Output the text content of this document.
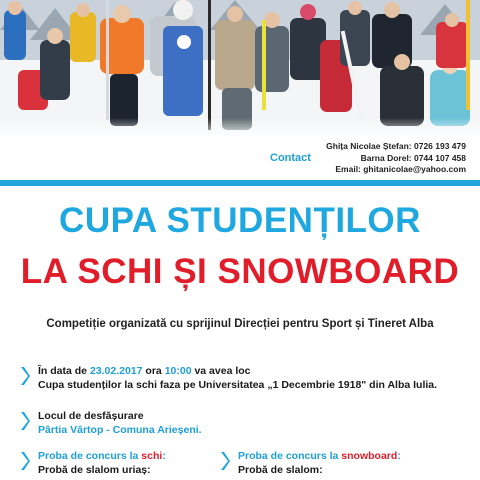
Contact
Ghița Nicolae Ștefan: 0726 193 479
Barna Dorel: 0744 107 458
Email: ghitanicolae@yahoo.com
CUPA STUDENȚILOR
LA SCHI ȘI SNOWBOARD
Competiție organizată cu sprijinul Direcției pentru Sport și Tineret Alba
În data de 23.02.2017 ora 10:00 va avea loc
Cupa studenților la schi faza pe Universitatea „1 Decembrie 1918" din Alba Iulia.
Locul de desfășurare
Pârtia Vârtop - Comuna Arieșeni.
Proba de concurs la schi:
Probă de slalom uriaș:
Proba de concurs la snowboard:
Probă de slalom:
